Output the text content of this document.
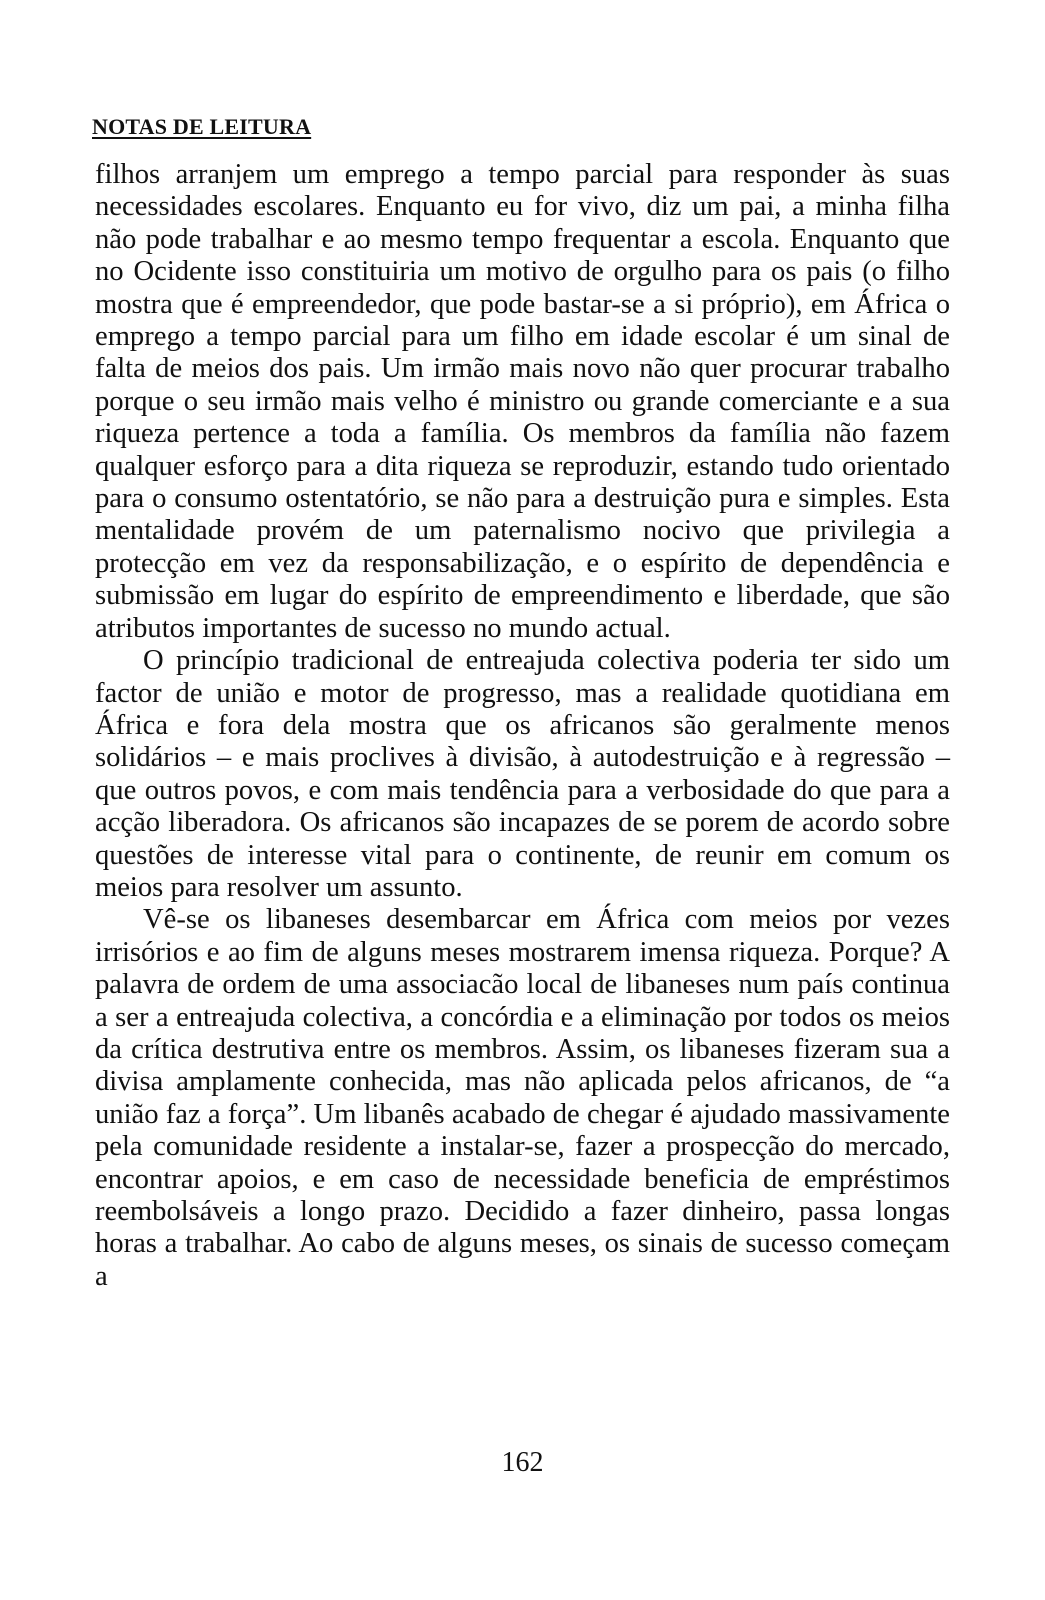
NOTAS DE LEITURA

filhos arranjem um emprego a tempo parcial para responder às suas necessidades escolares. Enquanto eu for vivo, diz um pai, a minha filha não pode trabalhar e ao mesmo tempo frequentar a escola. Enquanto que no Ocidente isso constituiria um motivo de orgulho para os pais (o filho mostra que é empreendedor, que pode bastar-se a si próprio), em África o emprego a tempo parcial para um filho em idade escolar é um sinal de falta de meios dos pais. Um irmão mais novo não quer procurar trabalho porque o seu irmão mais velho é ministro ou grande comerciante e a sua riqueza pertence a toda a família. Os membros da família não fazem qualquer esforço para a dita riqueza se reproduzir, estando tudo orientado para o consumo ostentatório, se não para a destruição pura e simples. Esta mentalidade provém de um paternalismo nocivo que privilegia a protecção em vez da responsabilização, e o espírito de dependência e submissão em lugar do espírito de empreendimento e liberdade, que são atributos importantes de sucesso no mundo actual.

O princípio tradicional de entreajuda colectiva poderia ter sido um factor de união e motor de progresso, mas a realidade quotidiana em África e fora dela mostra que os africanos são geralmente menos solidários – e mais proclives à divisão, à autodestruição e à regressão – que outros povos, e com mais tendência para a verbosidade do que para a acção liberadora. Os africanos são incapazes de se porem de acordo sobre questões de interesse vital para o continente, de reunir em comum os meios para resolver um assunto.

Vê-se os libaneses desembarcar em África com meios por vezes irrisórios e ao fim de alguns meses mostrarem imensa riqueza. Porque? A palavra de ordem de uma associacão local de libaneses num país continua a ser a entreajuda colectiva, a concórdia e a eliminação por todos os meios da crítica destrutiva entre os membros. Assim, os libaneses fizeram sua a divisa amplamente conhecida, mas não aplicada pelos africanos, de “a união faz a força”. Um libanês acabado de chegar é ajudado massivamente pela comunidade residente a instalar-se, fazer a prospecção do mercado, encontrar apoios, e em caso de necessidade beneficia de empréstimos reembolsáveis a longo prazo. Decidido a fazer dinheiro, passa longas horas a trabalhar. Ao cabo de alguns meses, os sinais de sucesso começam a

162
